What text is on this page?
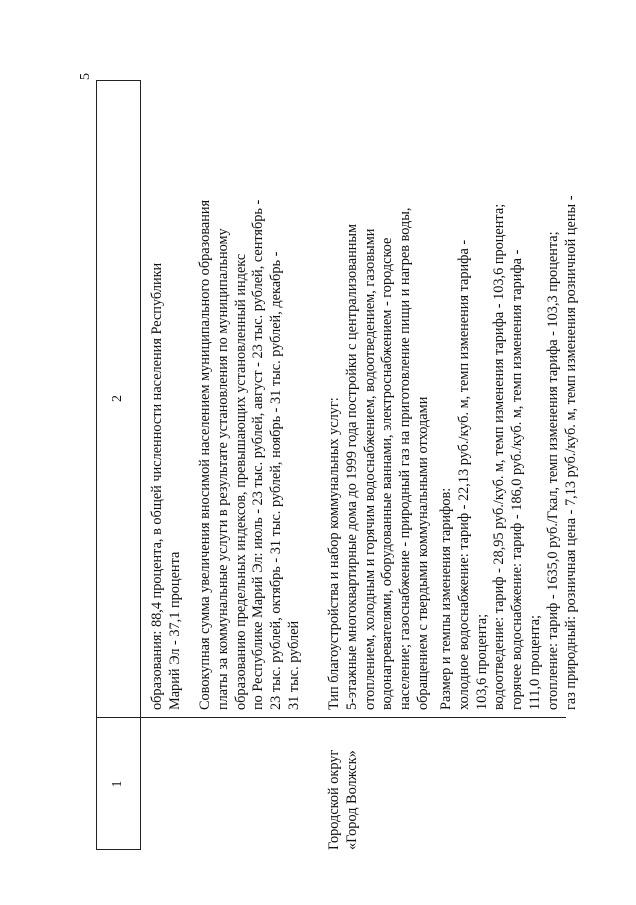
5
1
2 образования: 88,4 процента, в общей численности населения Республики Марий Эл - 37,1 процента Совокупная сумма увеличения вносимой населением муниципального образования платы за коммунальные услуги в результате установления по муниципальному образованию предельных индексов, превышающих установленный индекс по Республике Марий Эл: июль - 23 тыс. рублей, август - 23 тыс. рублей, сентябрь - 23 тыс. рублей, октябрь - 31 тыс. рублей, ноябрь - 31 тыс. рублей, декабрь - 31 тыс. рублей
Городской округ «Город Волжск»
Тип благоустройства и набор коммунальных услуг: 5-этажные многоквартирные дома до 1999 года постройки с централизованным отоплением, холодным и горячим водоснабжением, водоотведением, газовыми водонагревателями, оборудованные ваннами, электроснабжением - городское население; газоснабжение - природный газ на приготовление пищи и нагрев воды, обращением с твердыми коммунальными отходами Размер и темпы изменения тарифов: холодное водоснабжение: тариф - 22,13 руб./куб. м, темп изменения тарифа - 103,6 процента; водоотведение: тариф - 28,95 руб./куб. м, темп изменения тарифа - 103,6 процента; горячее водоснабжение: тариф - 186,0 руб./куб. м, темп изменения тарифа - 111,0 процента; отопление: тариф - 1635,0 руб./Гкал, темп изменения тарифа - 103,3 процента; газ природный: розничная цена - 7,13 руб./куб. м, темп изменения розничной цены -
